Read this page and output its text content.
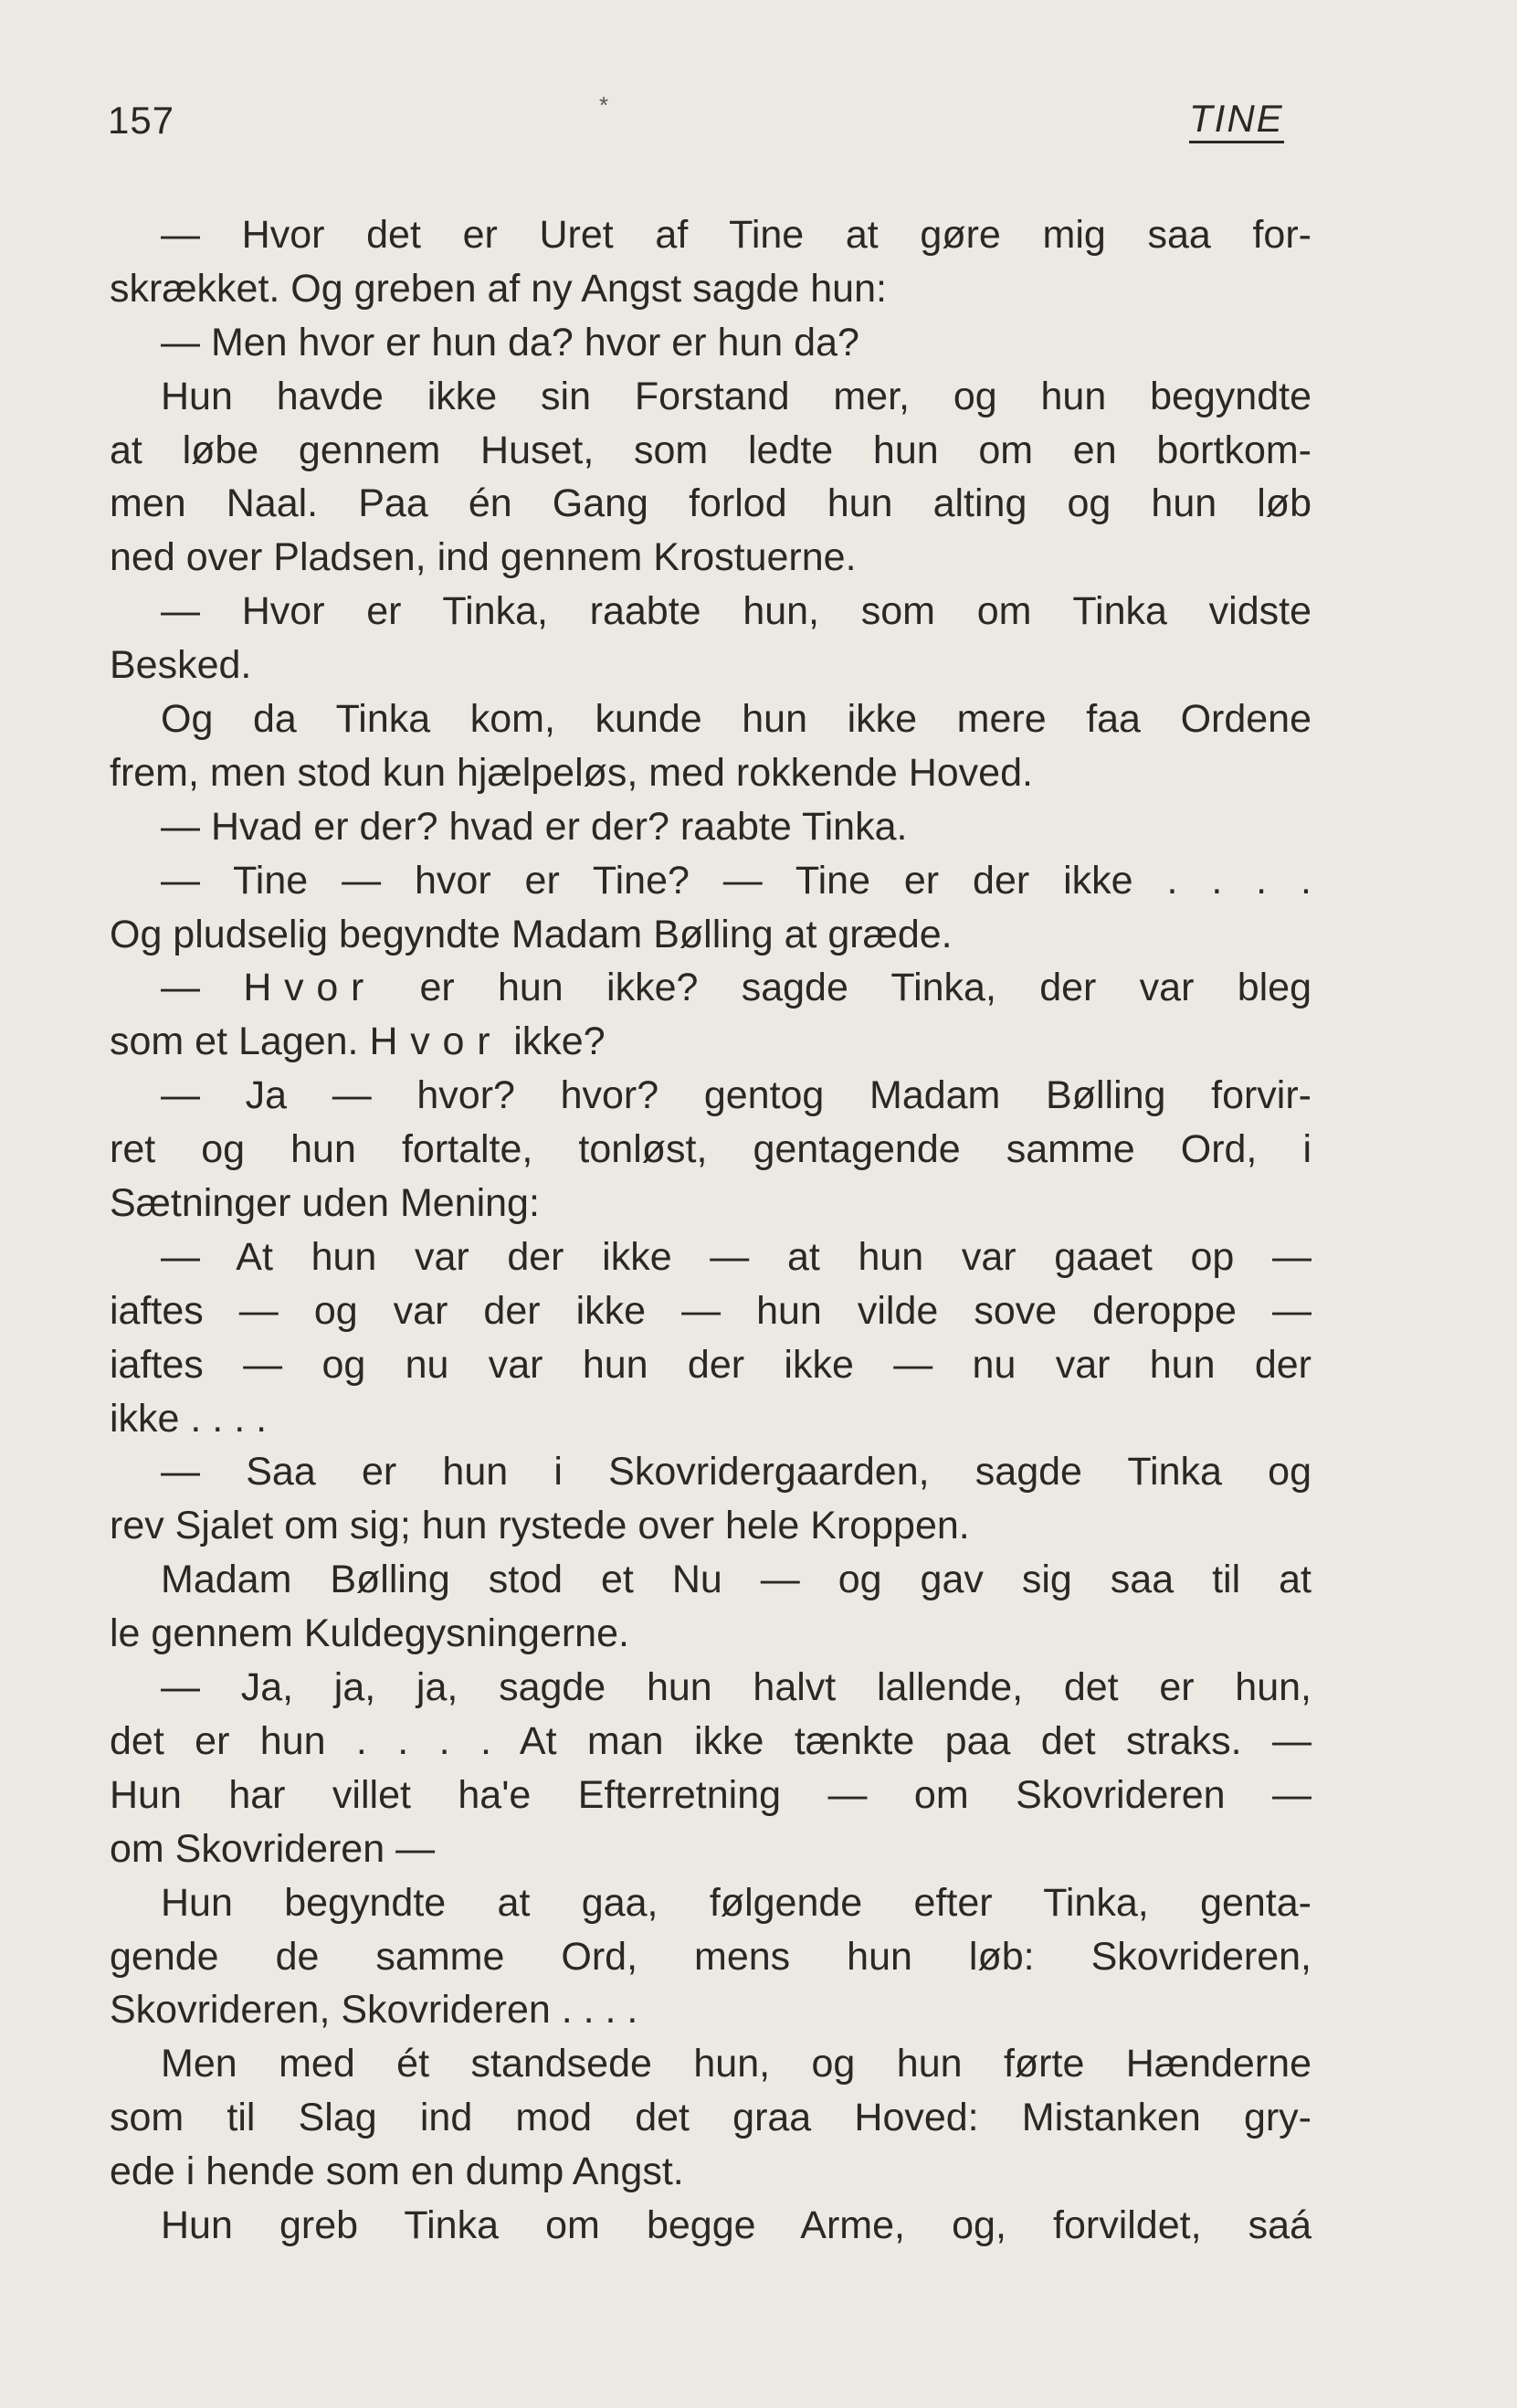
157	*	TINE
— Hvor det er Uret af Tine at gøre mig saa for-
skrækket. Og greben af ny Angst sagde hun:
— Men hvor er hun da? hvor er hun da?
Hun havde ikke sin Forstand mer, og hun begyndte
at løbe gennem Huset, som ledte hun om en bortkom-
men Naal. Paa én Gang forlod hun alting og hun løb
ned over Pladsen, ind gennem Krostuerne.
— Hvor er Tinka, raabte hun, som om Tinka vidste
Besked.
Og da Tinka kom, kunde hun ikke mere faa Ordene
frem, men stod kun hjælpeløs, med rokkende Hoved.
— Hvad er der? hvad er der? raabte Tinka.
— Tine — hvor er Tine? — Tine er der ikke . . . .
Og pludselig begyndte Madam Bølling at græde.
— Hvor er hun ikke? sagde Tinka, der var bleg
som et Lagen. Hvor ikke?
— Ja — hvor? hvor? gentog Madam Bølling forvir-
ret og hun fortalte, tonløst, gentagende samme Ord, i
Sætninger uden Mening:
— At hun var der ikke — at hun var gaaet op —
iaftes — og var der ikke — hun vilde sove deroppe —
iaftes — og nu var hun der ikke — nu var hun der
ikke . . . .
— Saa er hun i Skovridergaarden, sagde Tinka og
rev Sjalet om sig; hun rystede over hele Kroppen.
Madam Bølling stod et Nu — og gav sig saa til at
le gennem Kuldegysningerne.
— Ja, ja, ja, sagde hun halvt lallende, det er hun,
det er hun . . . . At man ikke tænkte paa det straks. —
Hun har villet ha'e Efterretning — om Skovrideren —
om Skovrideren —
Hun begyndte at gaa, følgende efter Tinka, genta-
gende de samme Ord, mens hun løb: Skovrideren,
Skovrideren, Skovrideren . . . .
Men med ét standsede hun, og hun førte Hænderne
som til Slag ind mod det graa Hoved: Mistanken gry-
ede i hende som en dump Angst.
Hun greb Tinka om begge Arme, og, forvildet, saá
